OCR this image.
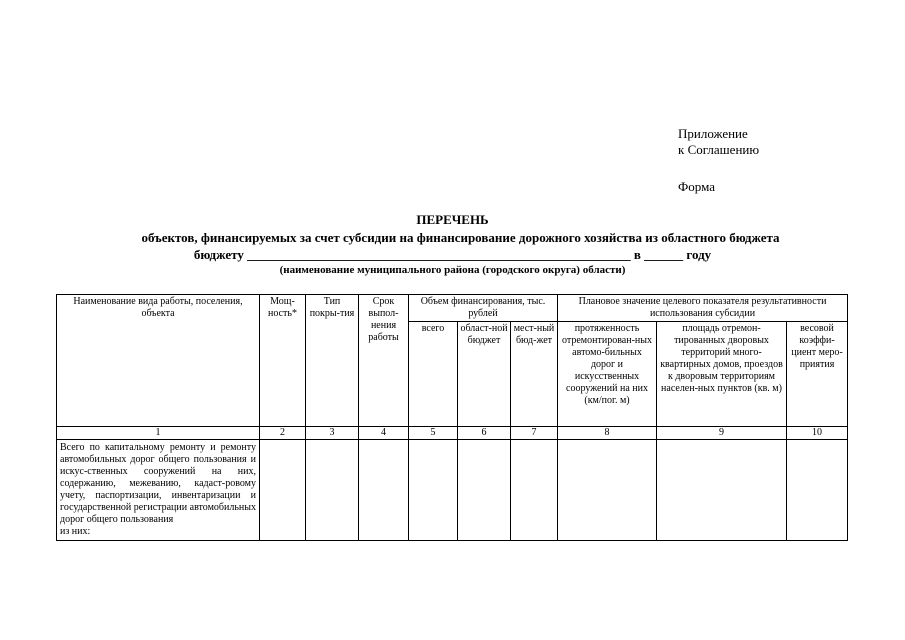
Приложение
к Соглашению
Форма
ПЕРЕЧЕНЬ
объектов, финансируемых за счет субсидии на финансирование дорожного хозяйства из областного бюджета
бюджету ___________________________________________________________ в ______ году
(наименование муниципального района (городского округа) области)
Наименование вида работы, поселения, объекта	Мощ-ность*	Тип покры-тия	Срок выпол-нения работы	Объем финансирования, тыс. рублей			Плановое значение целевого показателя результативности использования субсидии		
				всего	област-ной бюджет	мест-ный бюд-жет	протяженность отремонтирован-ных автомо-бильных дорог и искусственных сооружений на них (км/пог. м)	площадь отремон-тированных дворовых территорий много-квартирных домов, проездов к дворовым территориям населен-ных пунктов (кв. м)	весовой коэффи-циент меро-приятия
1	2	3	4	5	6	7	8	9	10
Всего по капитальному ремонту и ремонту автомобильных дорог общего пользования и искус-ственных сооружений на них, содержанию, межеванию, кадаст-ровому учету, паспортизации, инвентаризации и государственной регистрации автомобильных дорог общего пользования
из них:									
